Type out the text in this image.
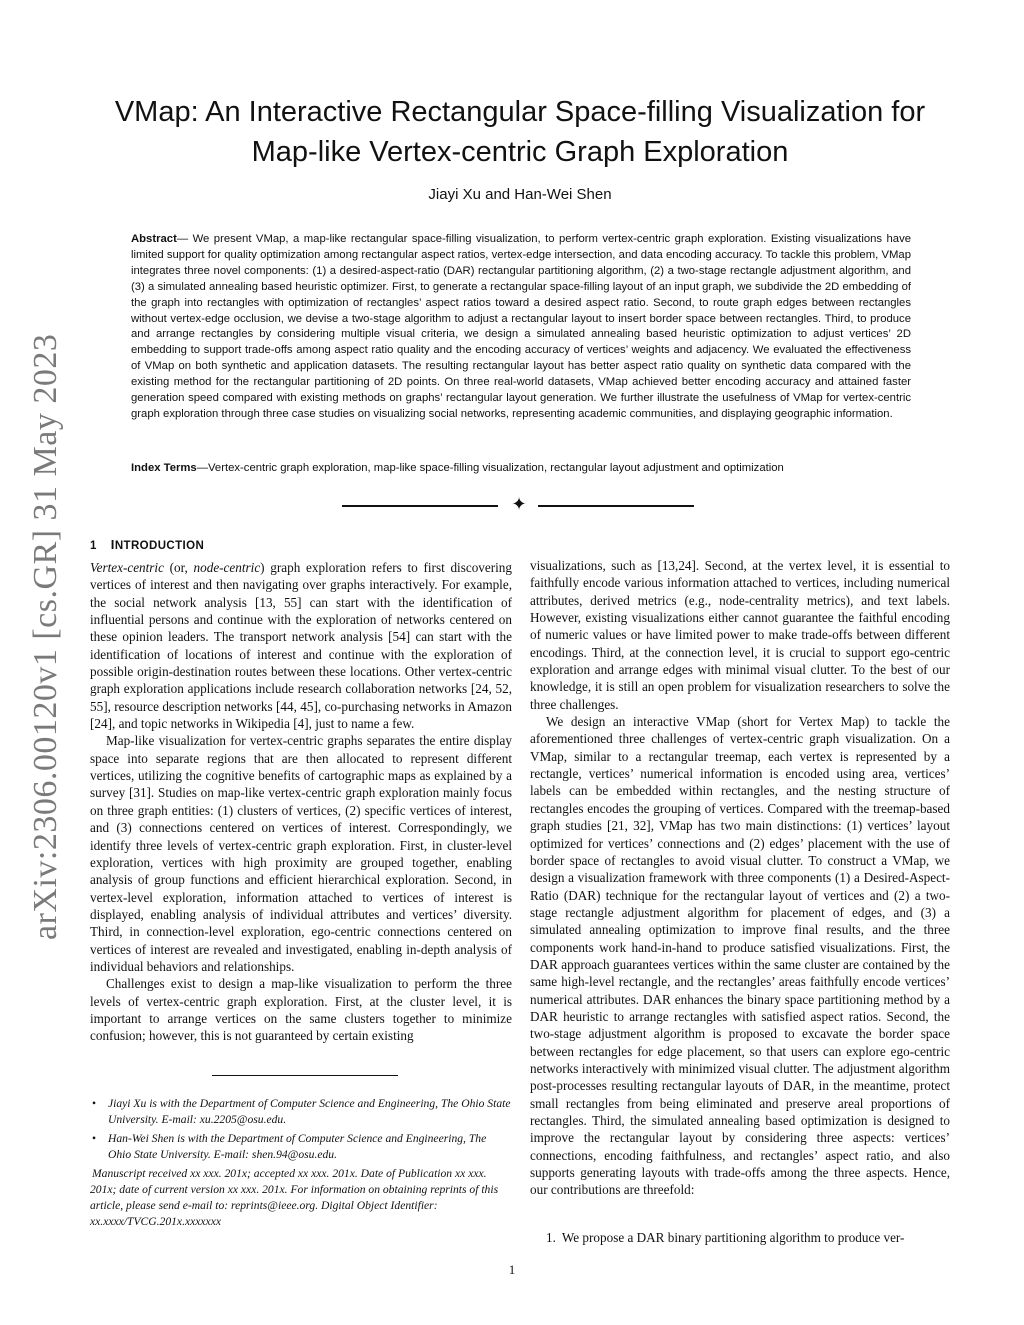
arXiv:2306.00120v1 [cs.GR] 31 May 2023
VMap: An Interactive Rectangular Space-filling Visualization for
Map-like Vertex-centric Graph Exploration
Jiayi Xu and Han-Wei Shen

Abstract— We present VMap, a map-like rectangular space-filling visualization, to perform vertex-centric graph exploration. Existing visualizations have limited support for quality optimization among rectangular aspect ratios, vertex-edge intersection, and data encoding accuracy. To tackle this problem, VMap integrates three novel components: (1) a desired-aspect-ratio (DAR) rectangular partitioning algorithm, (2) a two-stage rectangle adjustment algorithm, and (3) a simulated annealing based heuristic optimizer. First, to generate a rectangular space-filling layout of an input graph, we subdivide the 2D embedding of the graph into rectangles with optimization of rectangles’ aspect ratios toward a desired aspect ratio. Second, to route graph edges between rectangles without vertex-edge occlusion, we devise a two-stage algorithm to adjust a rectangular layout to insert border space between rectangles. Third, to produce and arrange rectangles by considering multiple visual criteria, we design a simulated annealing based heuristic optimization to adjust vertices’ 2D embedding to support trade-offs among aspect ratio quality and the encoding accuracy of vertices’ weights and adjacency. We evaluated the effectiveness of VMap on both synthetic and application datasets. The resulting rectangular layout has better aspect ratio quality on synthetic data compared with the existing method for the rectangular partitioning of 2D points. On three real-world datasets, VMap achieved better encoding accuracy and attained faster generation speed compared with existing methods on graphs’ rectangular layout generation. We further illustrate the usefulness of VMap for vertex-centric graph exploration through three case studies on visualizing social networks, representing academic communities, and displaying geographic information.

Index Terms—Vertex-centric graph exploration, map-like space-filling visualization, rectangular layout adjustment and optimization

✦
1 INTRODUCTION

Vertex-centric (or, node-centric) graph exploration refers to first discovering vertices of interest and then navigating over graphs interactively. For example, the social network analysis [13, 55] can start with the identification of influential persons and continue with the exploration of networks centered on these opinion leaders. The transport network analysis [54] can start with the identification of locations of interest and continue with the exploration of possible origin-destination routes between these locations. Other vertex-centric graph exploration applications include research collaboration networks [24, 52, 55], resource description networks [44, 45], co-purchasing networks in Amazon [24], and topic networks in Wikipedia [4], just to name a few.

Map-like visualization for vertex-centric graphs separates the entire display space into separate regions that are then allocated to represent different vertices, utilizing the cognitive benefits of cartographic maps as explained by a survey [31]. Studies on map-like vertex-centric graph exploration mainly focus on three graph entities: (1) clusters of vertices, (2) specific vertices of interest, and (3) connections centered on vertices of interest. Correspondingly, we identify three levels of vertex-centric graph exploration. First, in cluster-level exploration, vertices with high proximity are grouped together, enabling analysis of group functions and efficient hierarchical exploration. Second, in vertex-level exploration, information attached to vertices of interest is displayed, enabling analysis of individual attributes and vertices’ diversity. Third, in connection-level exploration, ego-centric connections centered on vertices of interest are revealed and investigated, enabling in-depth analysis of individual behaviors and relationships.

Challenges exist to design a map-like visualization to perform the three levels of vertex-centric graph exploration. First, at the cluster level, it is important to arrange vertices on the same clusters together to minimize confusion; however, this is not guaranteed by certain existing

visualizations, such as [13,24]. Second, at the vertex level, it is essential to faithfully encode various information attached to vertices, including numerical attributes, derived metrics (e.g., node-centrality metrics), and text labels. However, existing visualizations either cannot guarantee the faithful encoding of numeric values or have limited power to make trade-offs between different encodings. Third, at the connection level, it is crucial to support ego-centric exploration and arrange edges with minimal visual clutter. To the best of our knowledge, it is still an open problem for visualization researchers to solve the three challenges.

We design an interactive VMap (short for Vertex Map) to tackle the aforementioned three challenges of vertex-centric graph visualization. On a VMap, similar to a rectangular treemap, each vertex is represented by a rectangle, vertices’ numerical information is encoded using area, vertices’ labels can be embedded within rectangles, and the nesting structure of rectangles encodes the grouping of vertices. Compared with the treemap-based graph studies [21, 32], VMap has two main distinctions: (1) vertices’ layout optimized for vertices’ connections and (2) edges’ placement with the use of border space of rectangles to avoid visual clutter. To construct a VMap, we design a visualization framework with three components (1) a Desired-Aspect-Ratio (DAR) technique for the rectangular layout of vertices and (2) a two-stage rectangle adjustment algorithm for placement of edges, and (3) a simulated annealing optimization to improve final results, and the three components work hand-in-hand to produce satisfied visualizations. First, the DAR approach guarantees vertices within the same cluster are contained by the same high-level rectangle, and the rectangles’ areas faithfully encode vertices’ numerical attributes. DAR enhances the binary space partitioning method by a DAR heuristic to arrange rectangles with satisfied aspect ratios. Second, the two-stage adjustment algorithm is proposed to excavate the border space between rectangles for edge placement, so that users can explore ego-centric networks interactively with minimized visual clutter. The adjustment algorithm post-processes resulting rectangular layouts of DAR, in the meantime, protect small rectangles from being eliminated and preserve areal proportions of rectangles. Third, the simulated annealing based optimization is designed to improve the rectangular layout by considering three aspects: vertices’ connections, encoding faithfulness, and rectangles’ aspect ratio, and also supports generating layouts with trade-offs among the three aspects. Hence, our contributions are threefold:

1. We propose a DAR binary partitioning algorithm to produce ver-
• Jiayi Xu is with the Department of Computer Science and Engineering, The Ohio State University. E-mail: xu.2205@osu.edu.
• Han-Wei Shen is with the Department of Computer Science and Engineering, The Ohio State University. E-mail: shen.94@osu.edu.
Manuscript received xx xxx. 201x; accepted xx xxx. 201x. Date of Publication xx xxx. 201x; date of current version xx xxx. 201x. For information on obtaining reprints of this article, please send e-mail to: reprints@ieee.org. Digital Object Identifier: xx.xxxx/TVCG.201x.xxxxxxx
1
